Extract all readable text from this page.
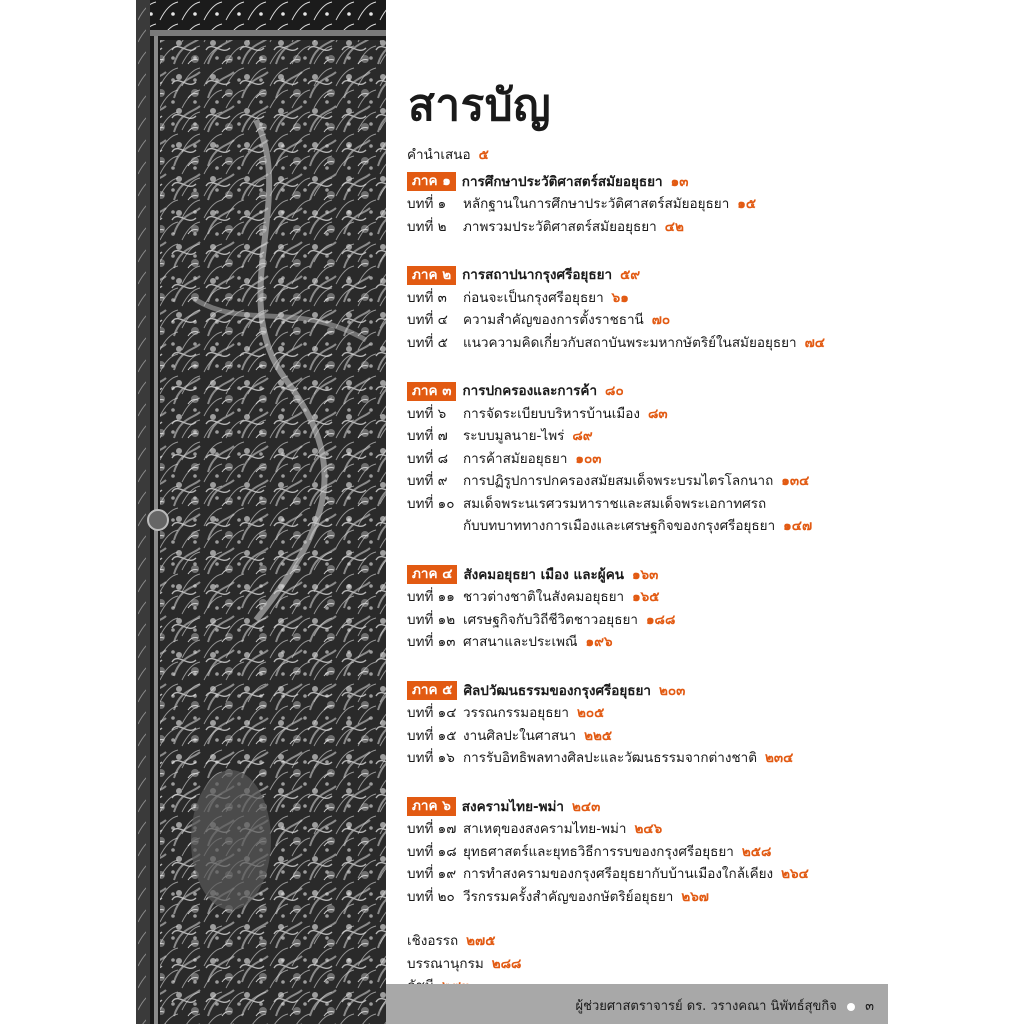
สารบัญ
คำนำเสนอ ๕
ภาค ๑ การศึกษาประวัติศาสตร์สมัยอยุธยา ๑๓
บทที่ ๑	หลักฐานในการศึกษาประวัติศาสตร์สมัยอยุธยา ๑๕
บทที่ ๒	ภาพรวมประวัติศาสตร์สมัยอยุธยา ๔๒
ภาค ๒ การสถาปนากรุงศรีอยุธยา ๕๙
บทที่ ๓	ก่อนจะเป็นกรุงศรีอยุธยา ๖๑
บทที่ ๔	ความสำคัญของการตั้งราชธานี ๗๐
บทที่ ๕	แนวความคิดเกี่ยวกับสถาบันพระมหากษัตริย์ในสมัยอยุธยา ๗๔
ภาค ๓ การปกครองและการค้า ๘๐
บทที่ ๖	การจัดระเบียบบริหารบ้านเมือง ๘๓
บทที่ ๗	ระบบมูลนาย-ไพร่ ๘๙
บทที่ ๘	การค้าสมัยอยุธยา ๑๐๓
บทที่ ๙	การปฏิรูปการปกครองสมัยสมเด็จพระบรมไตรโลกนาถ ๑๓๔
บทที่ ๑๐ สมเด็จพระนเรศวรมหาราชและสมเด็จพระเอกาทศรถ
กับบทบาททางการเมืองและเศรษฐกิจของกรุงศรีอยุธยา ๑๔๗
ภาค ๔ สังคมอยุธยา เมือง และผู้คน ๑๖๓
บทที่ ๑๑ ชาวต่างชาติในสังคมอยุธยา ๑๖๕
บทที่ ๑๒ เศรษฐกิจกับวิถีชีวิตชาวอยุธยา ๑๘๘
บทที่ ๑๓ ศาสนาและประเพณี ๑๙๖
ภาค ๕ ศิลปวัฒนธรรมของกรุงศรีอยุธยา ๒๐๓
บทที่ ๑๔ วรรณกรรมอยุธยา ๒๐๕
บทที่ ๑๕ งานศิลปะในศาสนา ๒๒๕
บทที่ ๑๖ การรับอิทธิพลทางศิลปะและวัฒนธรรมจากต่างชาติ ๒๓๔
ภาค ๖ สงครามไทย-พม่า ๒๔๓
บทที่ ๑๗ สาเหตุของสงครามไทย-พม่า ๒๔๖
บทที่ ๑๘ ยุทธศาสตร์และยุทธวิธีการรบของกรุงศรีอยุธยา ๒๕๘
บทที่ ๑๙ การทำสงครามของกรุงศรีอยุธยากับบ้านเมืองใกล้เคียง ๒๖๔
บทที่ ๒๐ วีรกรรมครั้งสำคัญของกษัตริย์อยุธยา ๒๖๗
เชิงอรรถ ๒๗๕
บรรณานุกรม ๒๘๘
ผู้ช่วยศาสตราจารย์ ดร. วรางคณา นิพัทธ์สุขกิจ ๓
